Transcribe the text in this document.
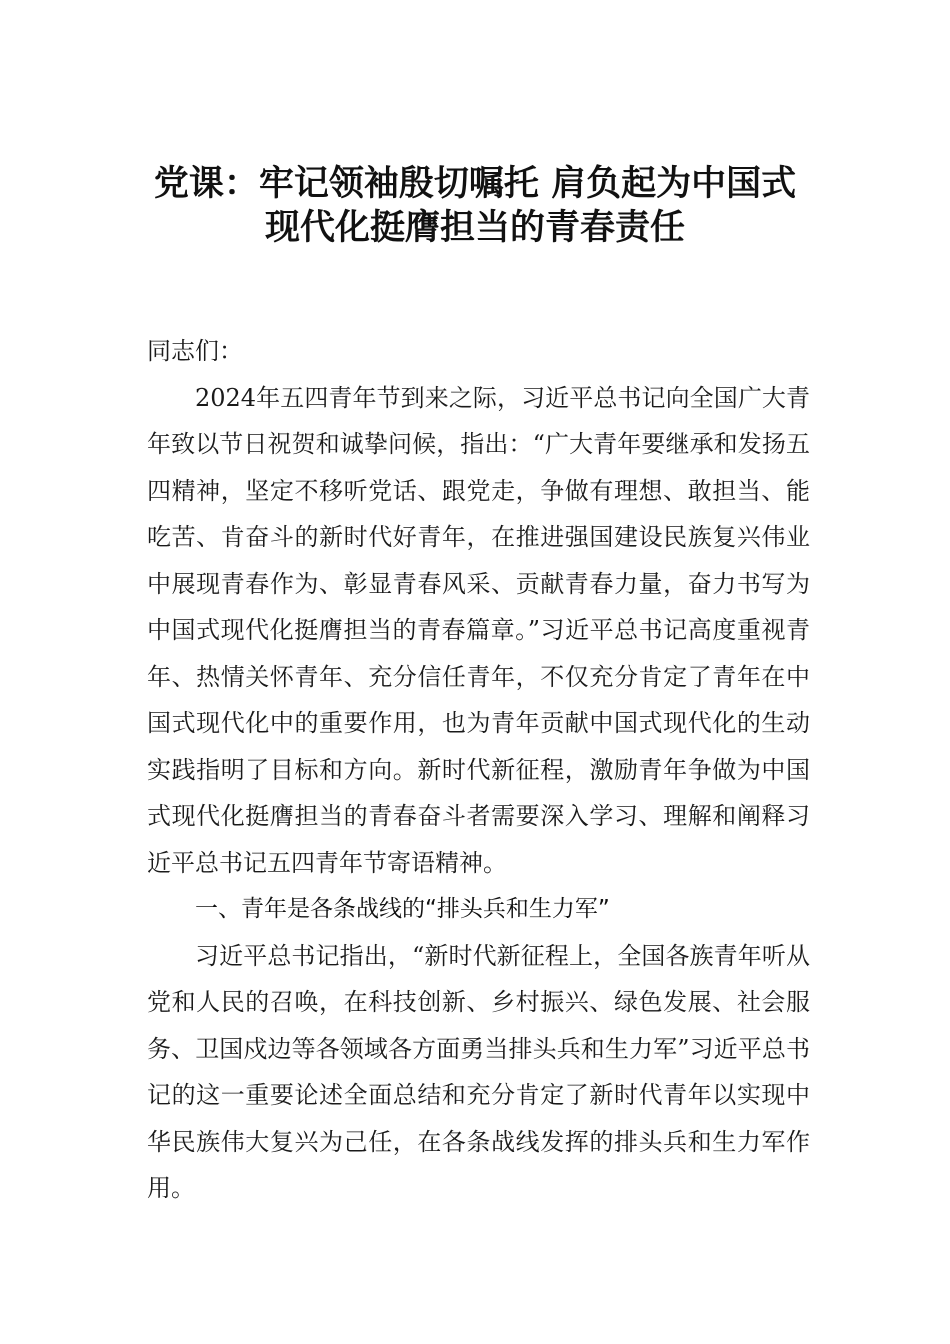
党课：牢记领袖殷切嘱托 肩负起为中国式
现代化挺膺担当的青春责任

同志们：

2024年五四青年节到来之际，习近平总书记向全国广大青年致以节日祝贺和诚挚问候，指出：“广大青年要继承和发扬五四精神，坚定不移听党话、跟党走，争做有理想、敢担当、能吃苦、肯奋斗的新时代好青年，在推进强国建设民族复兴伟业中展现青春作为、彰显青春风采、贡献青春力量，奋力书写为中国式现代化挺膺担当的青春篇章。”习近平总书记高度重视青年、热情关怀青年、充分信任青年，不仅充分肯定了青年在中国式现代化中的重要作用，也为青年贡献中国式现代化的生动实践指明了目标和方向。新时代新征程，激励青年争做为中国式现代化挺膺担当的青春奋斗者需要深入学习、理解和阐释习近平总书记五四青年节寄语精神。

一、青年是各条战线的“排头兵和生力军”

习近平总书记指出，“新时代新征程上，全国各族青年听从党和人民的召唤，在科技创新、乡村振兴、绿色发展、社会服务、卫国戍边等各领域各方面勇当排头兵和生力军”习近平总书记的这一重要论述全面总结和充分肯定了新时代青年以实现中华民族伟大复兴为己任，在各条战线发挥的排头兵和生力军作用。
